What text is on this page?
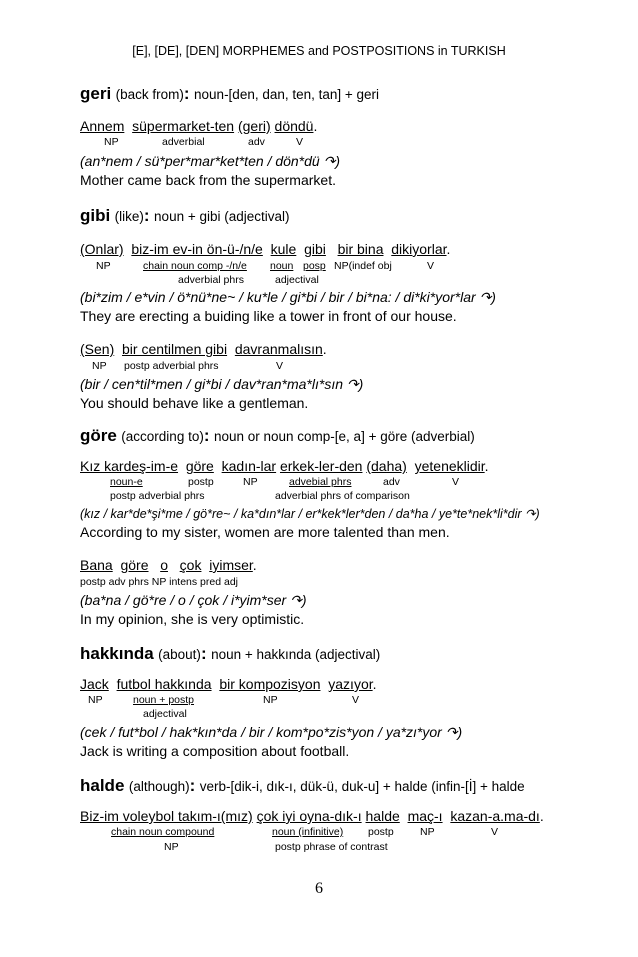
[E], [DE], [DEN] MORPHEMES and POSTPOSITIONS in TURKISH
geri (back from): noun-[den, dan, ten, tan] + geri
Annem süpermarket-ten (geri) döndü.
NP	adverbial	adv	V
(an*nem / sü*per*mar*ket*ten / dön*dü ↷)
Mother came back from the supermarket.
gibi (like): noun + gibi (adjectival)
(Onlar) biz-im ev-in ön-ü-/n/e kule gibi bir bina dikiyorlar.
NP	chain noun comp -/n/e noun posp NP(indef obj	V
adverbial phrs	adjectival
(bi*zim / e*vin / ö*nü*ne~ / ku*le / gi*bi / bir / bi*na: / di*ki*yor*lar ↷)
They are erecting a buiding like a tower in front of our house.
(Sen) bir centilmen gibi davranmalısın.
NP postp adverbial phrs	V
(bir / cen*til*men / gi*bi / dav*ran*ma*lı*sın ↷)
You should behave like a gentleman.
göre (according to): noun or noun comp-[e, a] + göre (adverbial)
Kız kardeş-im-e göre kadın-lar erkek-ler-den (daha) yeteneklidir.
noun-e	postp	NP	advebial phrs	adv	V
postp adverbial phrs	adverbial phrs of comparison
(kız / kar*de*şi*me / gö*re~ / ka*dın*lar / er*kek*ler*den / da*ha / ye*te*nek*li*dir ↷)
According to my sister, women are more talented than men.
Bana göre o çok iyimser.
postp adv phrs NP intens pred adj
(ba*na / gö*re / o / çok / i*yim*ser ↷)
In my opinion, she is very optimistic.
hakkında (about): noun + hakkında (adjectival)
Jack futbol hakkında bir kompozisyon yazıyor.
NP	noun + postp	NP	V
adjectival
(cek / fut*bol / hak*kın*da / bir / kom*po*zis*yon / ya*zı*yor ↷)
Jack is writing a composition about football.
halde (although): verb-[dik-i, dık-ı, dük-ü, duk-u] + halde (infin-[İ] + halde
Biz-im voleybol takım-ı(mız) çok iyi oyna-dık-ı halde maç-ı kazan-a.ma-dı.
chain noun compound	noun (infinitive) postp	NP	V
NP	postp phrase of contrast
6
